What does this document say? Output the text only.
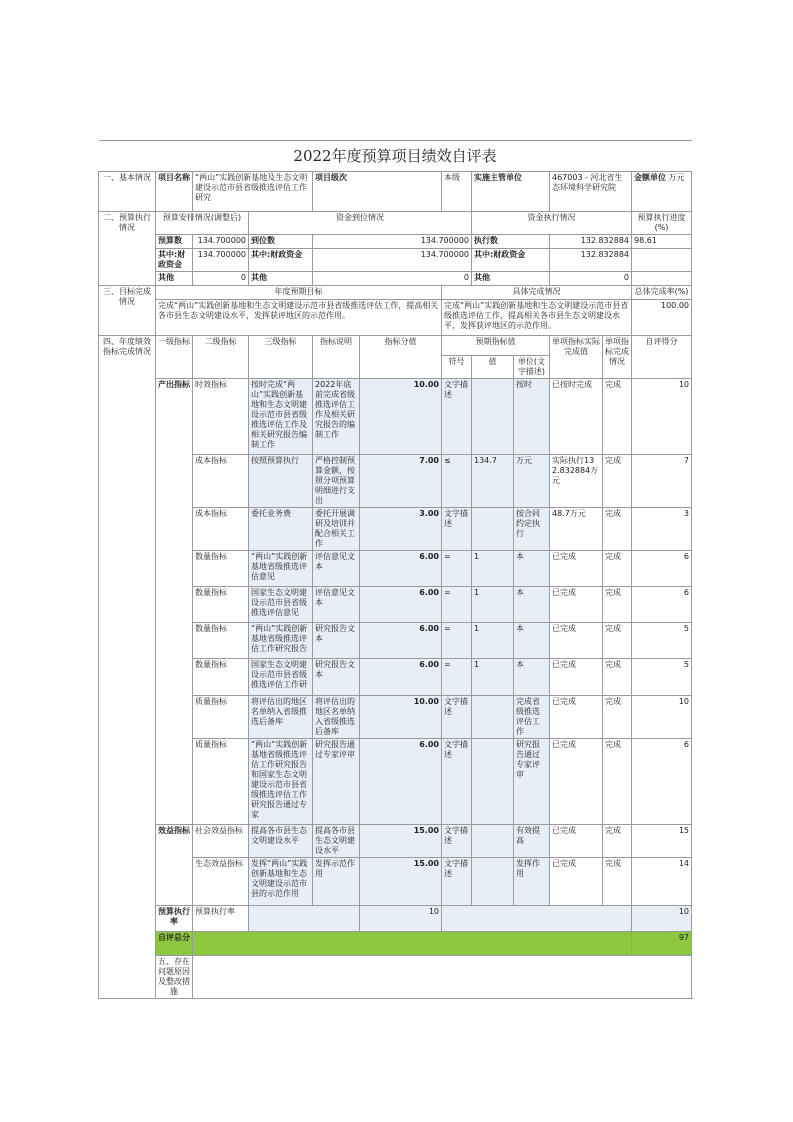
2022年度预算项目绩效自评表											
一、基本情况	项目名称	“两山”实践创新基地及生态文明建设示范市县省级推选评估工作研究		项目级次		本级	实施主管单位		467003 - 河北省生态环境科学研究院		金额单位 万元
二、预算执行情况	预算安排情况(调整后)		资金到位情况				资金执行情况				预算执行进度(%)
	预算数	134.700000	到位数	134.700000			执行数		132.832884		98.61
	其中:财政资金	134.700000	其中:财政资金	134.700000			其中:财政资金		132.832884		
	其他	0	其他	0			其他		0		
三、目标完成情况	年度预期目标					具体完成情况					总体完成率(%)
	完成“两山”实践创新基地和生态文明建设示范市县省级推选评估工作，提高相关各市县生态文明建设水平，发挥获评地区的示范作用。					完成“两山”实践创新基地和生态文明建设示范市县省级推选评估工作，提高相关各市县生态文明建设水平，发挥获评地区的示范作用。					100.00
四、年度绩效指标完成情况	一级指标	二级指标	三级指标	指标说明	指标分值	预期指标值			单项指标实际完成值	单项指标完成情况	自评得分
						符号	值	单位(文字描述)			
	产出指标	时效指标	按时完成“两山”实践创新基地和生态文明建设示范市县省级推选评估工作及相关研究报告编制工作	2022年底前完成省级推选评估工作及相关研究报告的编制工作	10.00	文字描述		按时	已按时完成	完成	10
		成本指标	按照预算执行	严格控制预算金额，按照分项预算明细进行支出	7.00	≤	134.7	万元	实际执行132.832884万元	完成	7
		成本指标	委托业务费	委托开展调研及培训并配合相关工作	3.00	文字描述		按合同约定执行	48.7万元	完成	3
		数量指标	“两山”实践创新基地省级推选评估意见	评估意见文本	6.00	=	1	本	已完成	完成	6
		数量指标	国家生态文明建设示范市县省级推选评估意见	评估意见文本	6.00	=	1	本	已完成	完成	6
		数量指标	“两山”实践创新基地省级推选评估工作研究报告	研究报告文本	6.00	=	1	本	已完成	完成	5
		数量指标	国家生态文明建设示范市县省级推选评估工作研	研究报告文本	6.00	=	1	本	已完成	完成	5
		质量指标	将评估出的地区名单纳入省级推选后备库	将评估出的地区名单纳入省级推选后备库	10.00	文字描述		完成省级推选评估工作	已完成	完成	10
		质量指标	“两山”实践创新基地省级推选评估工作研究报告和国家生态文明建设示范市县省级推选评估工作研究报告通过专家	研究报告通过专家评审	6.00	文字描述		研究报告通过专家评审	已完成	完成	6
	效益指标	社会效益指标	提高各市县生态文明建设水平	提高各市县生态文明建设水平	15.00	文字描述		有效提高	已完成	完成	15
		生态效益指标	发挥“两山”实践创新基地和生态文明建设示范市县的示范作用	发挥示范作用	15.00	文字描述		发挥作用	已完成	完成	14
	预算执行率	预算执行率			10						10
	自评总分										97
	五、存在问题原因及整改措施										
